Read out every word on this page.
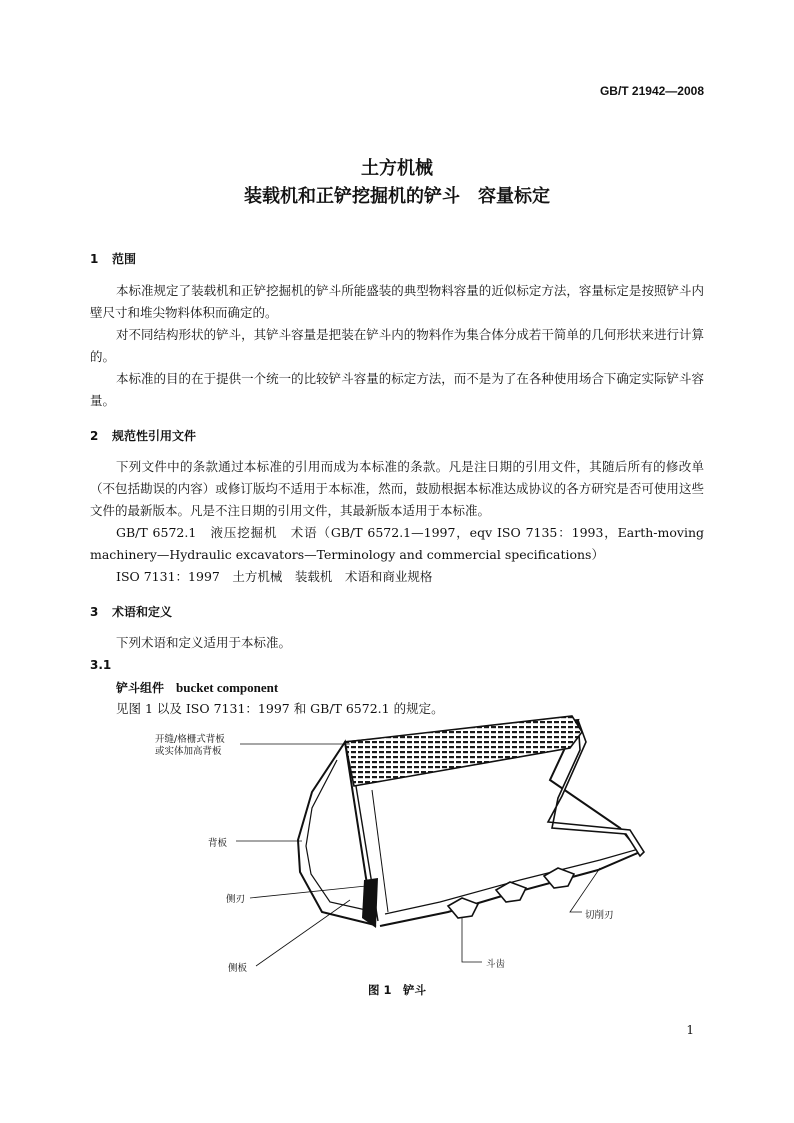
GB/T 21942—2008
土方机械
装载机和正铲挖掘机的铲斗　容量标定
1 范围
本标准规定了装载机和正铲挖掘机的铲斗所能盛装的典型物料容量的近似标定方法，容量标定是按照铲斗内壁尺寸和堆尖物料体积而确定的。
对不同结构形状的铲斗，其铲斗容量是把装在铲斗内的物料作为集合体分成若干简单的几何形状来进行计算的。
本标准的目的在于提供一个统一的比较铲斗容量的标定方法，而不是为了在各种使用场合下确定实际铲斗容量。
2 规范性引用文件
下列文件中的条款通过本标准的引用而成为本标准的条款。凡是注日期的引用文件，其随后所有的修改单（不包括勘误的内容）或修订版均不适用于本标准，然而，鼓励根据本标准达成协议的各方研究是否可使用这些文件的最新版本。凡是不注日期的引用文件，其最新版本适用于本标准。
GB/T 6572.1　液压挖掘机　术语（GB/T 6572.1—1997，eqv ISO 7135：1993，Earth-moving machinery—Hydraulic excavators—Terminology and commercial specifications）
ISO 7131：1997　土方机械　装载机　术语和商业规格
3 术语和定义
下列术语和定义适用于本标准。
3.1
铲斗组件 bucket component
见图 1 以及 ISO 7131：1997 和 GB/T 6572.1 的规定。
开缝/格栅式背板
或实体加高背板
背板
侧刃
侧板
切削刃
斗齿
图 1　铲斗
1
